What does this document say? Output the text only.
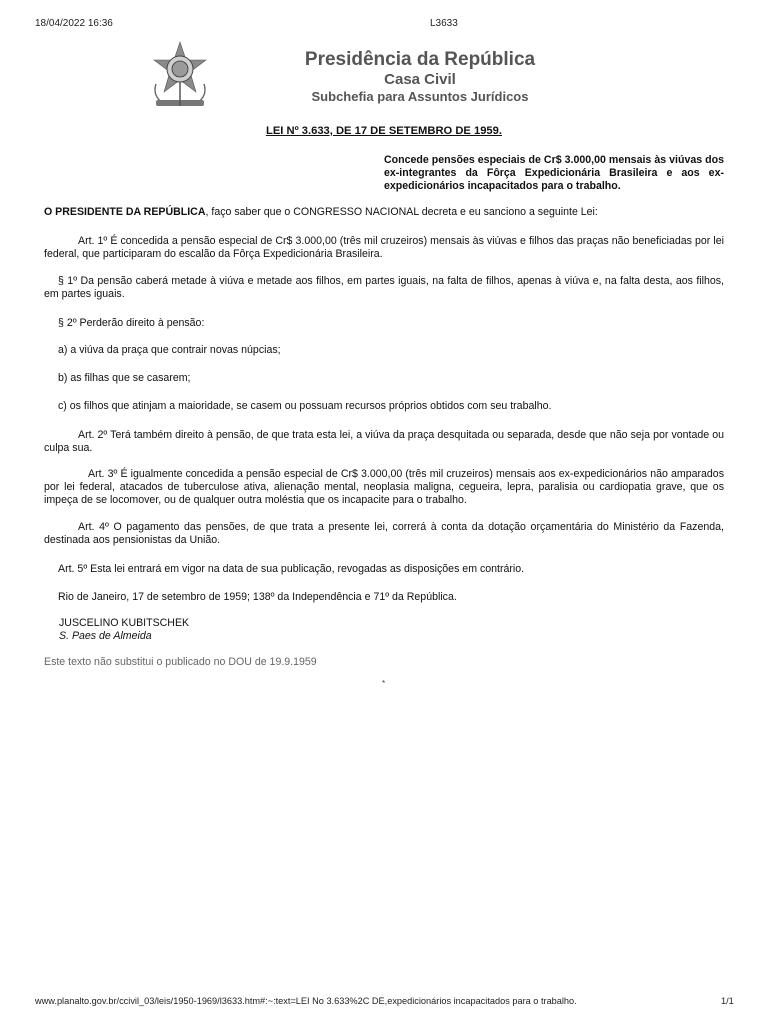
18/04/2022 16:36	L3633
Presidência da República
Casa Civil
Subchefia para Assuntos Jurídicos
LEI Nº 3.633, DE 17 DE SETEMBRO DE 1959.
Concede pensões especiais de Cr$ 3.000,00 mensais às viúvas dos ex-integrantes da Fôrça Expedicionária Brasileira e aos ex-expedicionários incapacitados para o trabalho.
O PRESIDENTE DA REPÚBLICA, faço saber que o CONGRESSO NACIONAL decreta e eu sanciono a seguinte Lei:
Art. 1º É concedida a pensão especial de Cr$ 3.000,00 (três mil cruzeiros) mensais às viúvas e filhos das praças não beneficiadas por lei federal, que participaram do escalão da Fôrça Expedicionária Brasileira.
§ 1º Da pensão caberá metade à viúva e metade aos filhos, em partes iguais, na falta de filhos, apenas à viúva e, na falta desta, aos filhos, em partes iguais.
§ 2º Perderão direito à pensão:
a) a viúva da praça que contrair novas núpcias;
b) as filhas que se casarem;
c) os filhos que atinjam a maioridade, se casem ou possuam recursos próprios obtidos com seu trabalho.
Art. 2º Terá também direito à pensão, de que trata esta lei, a viúva da praça desquitada ou separada, desde que não seja por vontade ou culpa sua.
Art. 3º É igualmente concedida a pensão especial de Cr$ 3.000,00 (três mil cruzeiros) mensais aos ex-expedicionários não amparados por lei federal, atacados de tuberculose ativa, alienação mental, neoplasia maligna, cegueira, lepra, paralisia ou cardiopatia grave, que os impeça de se locomover, ou de qualquer outra moléstia que os incapacite para o trabalho.
Art. 4º O pagamento das pensões, de que trata a presente lei, correrá à conta da dotação orçamentária do Ministério da Fazenda, destinada aos pensionistas da União.
Art. 5º Esta lei entrará em vigor na data de sua publicação, revogadas as disposições em contrário.
Rio de Janeiro, 17 de setembro de 1959; 138º da Independência e 71º da República.
JUSCELINO KUBITSCHEK
S. Paes de Almeida
Este texto não substitui o publicado no DOU de 19.9.1959
*
www.planalto.gov.br/ccivil_03/leis/1950-1969/l3633.htm#:~:text=LEI No 3.633%2C DE,expedicionários incapacitados para o trabalho.	1/1
